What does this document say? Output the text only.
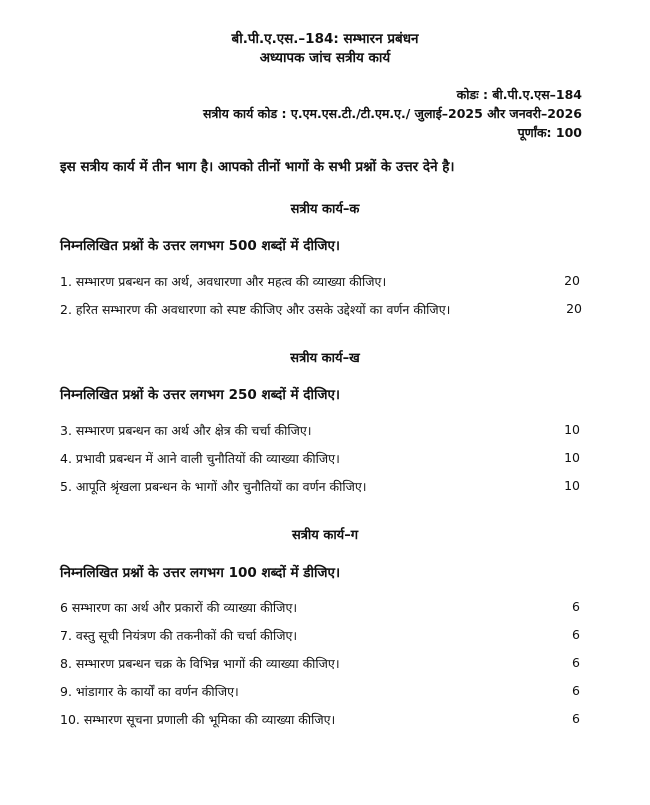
बी.पी.ए.एस.–184: सम्भारन प्रबंधन
अध्यापक जांच सत्रीय कार्य
कोडः : बी.पी.ए.एस–184
सत्रीय कार्य कोड : ए.एम.एस.टी./टी.एम.ए./ जुलाई–2025 और जनवरी–2026
पूर्णांक: 100
इस सत्रीय कार्य में तीन भाग है। आपको तीनों भागों के सभी प्रश्नों के उत्तर देने है।
सत्रीय कार्य–क
निम्नलिखित प्रश्नों के उत्तर लगभग 500 शब्दों में दीजिए।
1. सम्भारण प्रबन्धन का अर्थ, अवधारणा और महत्व की व्याख्या कीजिए।	20
2. हरित सम्भारण की अवधारणा को स्पष्ट कीजिए और उसके उद्देश्यों का वर्णन कीजिए।	20
सत्रीय कार्य–ख
निम्नलिखित प्रश्नों के उत्तर लगभग 250 शब्दों में दीजिए।
3. सम्भारण प्रबन्धन का अर्थ और क्षेत्र की चर्चा कीजिए।	10
4. प्रभावी प्रबन्धन में आने वाली चुनौतियों की व्याख्या कीजिए।	10
5. आपूति श्रृंखला प्रबन्धन के भागों और चुनौतियों का वर्णन कीजिए।	10
सत्रीय कार्य–ग
निम्नलिखित प्रश्नों के उत्तर लगभग 100 शब्दों में डीजिए।
6 सम्भारण का अर्थ और प्रकारों की व्याख्या कीजिए।	6
7. वस्तु सूची नियंत्रण की तकनीकों की चर्चा कीजिए।	6
8. सम्भारण प्रबन्धन चक्र के विभिन्न भागों की व्याख्या कीजिए।	6
9. भांडागार के कार्यों का वर्णन कीजिए।	6
10. सम्भारण सूचना प्रणाली की भूमिका की व्याख्या कीजिए।	6
